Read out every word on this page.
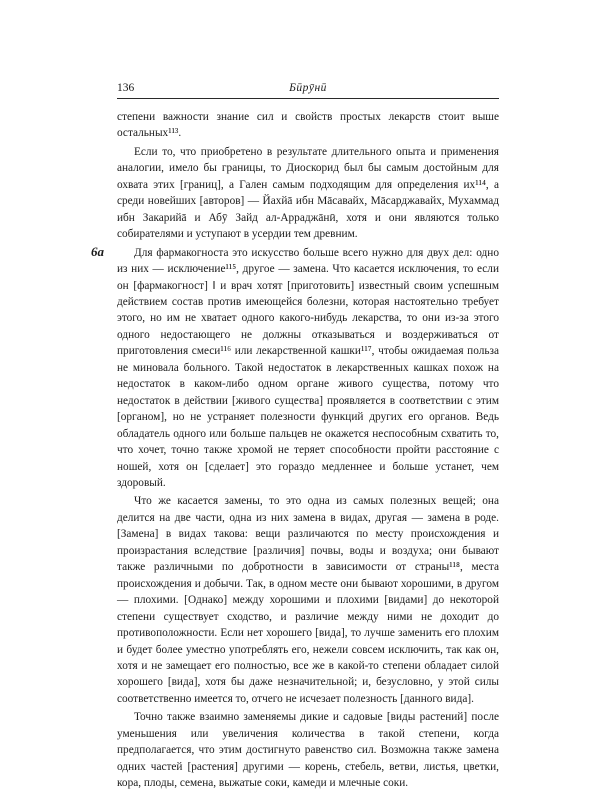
136	Бӣрӯнӣ
6а

степени важности знание сил и свойств простых лекарств стоит выше остальных¹¹³.

Если то, что приобретено в результате длительного опыта и применения аналогии, имело бы границы, то Диоскорид был бы самым достойным для охвата этих [границ], а Гален самым подходящим для определения их¹¹⁴, а среди новейших [авторов] — Йахйā ибн Мāсавайх, Мāсарджавайх, Мухаммад ибн Закарийā и Абӯ Зайд ал-Арраджāнӣ, хотя и они являются только собирателями и уступают в усердии тем древним.

Для фармакогноста это искусство больше всего нужно для двух дел: одно из них — исключение¹¹⁵, другое — замена. Что касается исключения, то если он [фармакогност] ‖ и врач хотят [приготовить] известный своим успешным действием состав против имеющейся болезни, которая настоятельно требует этого, но им не хватает одного какого-нибудь лекарства, то они из-за этого одного недостающего не должны отказываться и воздерживаться от приготовления смеси¹¹⁶ или лекарственной кашки¹¹⁷, чтобы ожидаемая польза не миновала больного. Такой недостаток в лекарственных кашках похож на недостаток в каком-либо одном органе живого существа, потому что недостаток в действии [живого существа] проявляется в соответствии с этим [органом], но не устраняет полезности функций других его органов. Ведь обладатель одного или больше пальцев не окажется неспособным схватить то, что хочет, точно также хромой не теряет способности пройти расстояние с ношей, хотя он [сделает] это гораздо медленнее и больше устанет, чем здоровый.

Что же касается замены, то это одна из самых полезных вещей; она делится на две части, одна из них замена в видах, другая — замена в роде. [Замена] в видах такова: вещи различаются по месту происхождения и произрастания вследствие [различия] почвы, воды и воздуха; они бывают также различными по добротности в зависимости от страны¹¹⁸, места происхождения и добычи. Так, в одном месте они бывают хорошими, в другом — плохими. [Однако] между хорошими и плохими [видами] до некоторой степени существует сходство, и различие между ними не доходит до противоположности. Если нет хорошего [вида], то лучше заменить его плохим и будет более уместно употреблять его, нежели совсем исключить, так как он, хотя и не замещает его полностью, все же в какой-то степени обладает силой хорошего [вида], хотя бы даже незначительной; и, безусловно, у этой силы соответственно имеется то, отчего не исчезает полезность [данного вида].

Точно также взаимно заменяемы дикие и садовые [виды растений] после уменьшения или увеличения количества в такой степени, когда предполагается, что этим достигнуто равенство сил. Возможна также замена одних частей [растения] другими — корень, стебель, ветви, листья, цветки, кора, плоды, семена, выжатые соки, камеди и млечные соки.
